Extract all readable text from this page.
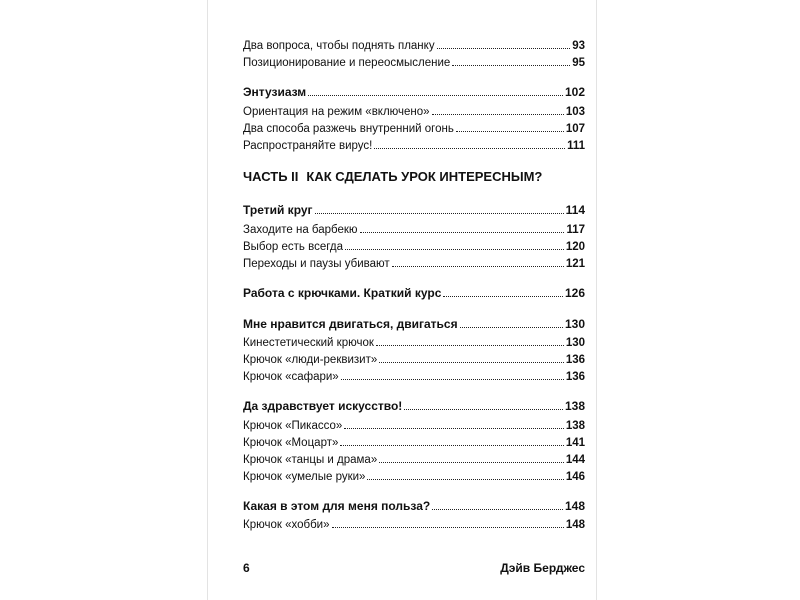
Два вопроса, чтобы поднять планку	93
Позиционирование и переосмысление	95
Энтузиазм	102
Ориентация на режим «включено»	103
Два способа разжечь внутренний огонь	107
Распространяйте вирус!	111
ЧАСТЬ II КАК СДЕЛАТЬ УРОК ИНТЕРЕСНЫМ?
Третий круг	114
Заходите на барбекю	117
Выбор есть всегда	120
Переходы и паузы убивают	121
Работа с крючками. Краткий курс	126
Мне нравится двигаться, двигаться	130
Кинестетический крючок	130
Крючок «люди-реквизит»	136
Крючок «сафари»	136
Да здравствует искусство!	138
Крючок «Пикассо»	138
Крючок «Моцарт»	141
Крючок «танцы и драма»	144
Крючок «умелые руки»	146
Какая в этом для меня польза?	148
Крючок «хобби»	148
6	Дэйв Берджес
